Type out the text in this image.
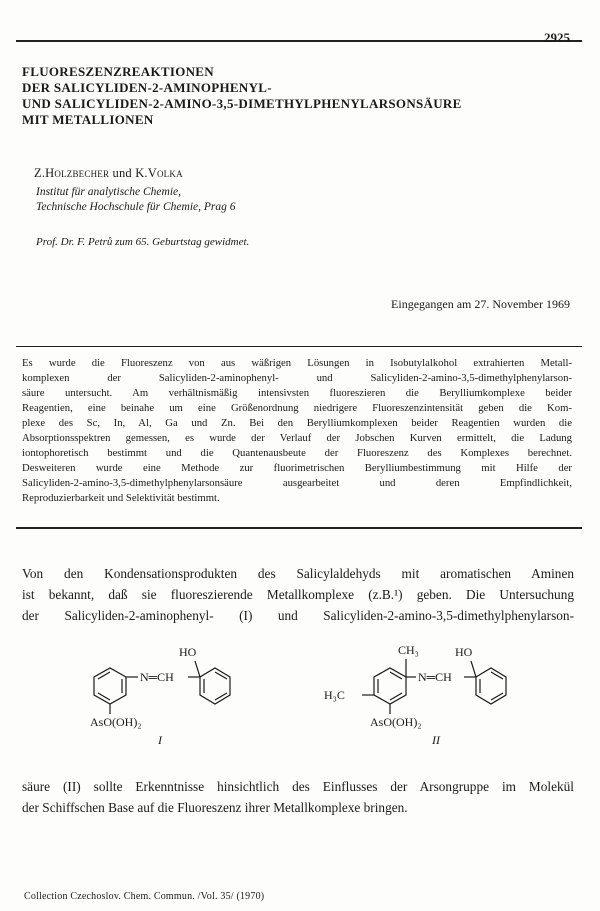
2925
FLUORESZENZREAKTIONEN
DER SALICYLIDEN-2-AMINOPHENYL-
UND SALICYLIDEN-2-AMINO-3,5-DIMETHYLPHENYLARSONSÄURE
MIT METALLIONEN
Z.Holzbecher und K.Volka
Institut für analytische Chemie,
Technische Hochschule für Chemie, Prag 6
Prof. Dr. F. Petrů zum 65. Geburtstag gewidmet.
Eingegangen am 27. November 1969
Es wurde die Fluoreszenz von aus wäßrigen Lösungen in Isobutylalkohol extrahierten Metall-
komplexen der Salicyliden-2-aminophenyl- und Salicyliden-2-amino-3,5-dimethylphenylarson-
säure untersucht. Am verhältnismäßig intensivsten fluoreszieren die Berylliumkomplexe beider
Reagentien, eine beinahe um eine Größenordnung niedrigere Fluoreszenzintensität geben die Kom-
plexe des Sc, In, Al, Ga und Zn. Bei den Berylliumkomplexen beider Reagentien wurden die
Absorptionsspektren gemessen, es wurde der Verlauf der Jobschen Kurven ermittelt, die Ladung
iontophoretisch bestimmt und die Quantenausbeute der Fluoreszenz des Komplexes berechnet.
Desweiteren wurde eine Methode zur fluorimetrischen Berylliumbestimmung mit Hilfe der
Salicyliden-2-amino-3,5-dimethylphenylarsonsäure ausgearbeitet und deren Empfindlichkeit,
Reproduzierbarkeit und Selektivität bestimmt.
Von den Kondensationsprodukten des Salicylaldehyds mit aromatischen Aminen
ist bekannt, daß sie fluoreszierende Metallkomplexe (z.B.¹) geben. Die Untersuchung
der Salicyliden-2-aminophenyl- (I) und Salicyliden-2-amino-3,5-dimethylphenylarson-
HO
N═CH
AsO(OH)₂
I
CH₃
H₃C
HO
N═CH
AsO(OH)₂
II
säure (II) sollte Erkenntnisse hinsichtlich des Einflusses der Arsongruppe im Molekül
der Schiffschen Base auf die Fluoreszenz ihrer Metallkomplexe bringen.
Collection Czechoslov. Chem. Commun. /Vol. 35/ (1970)
